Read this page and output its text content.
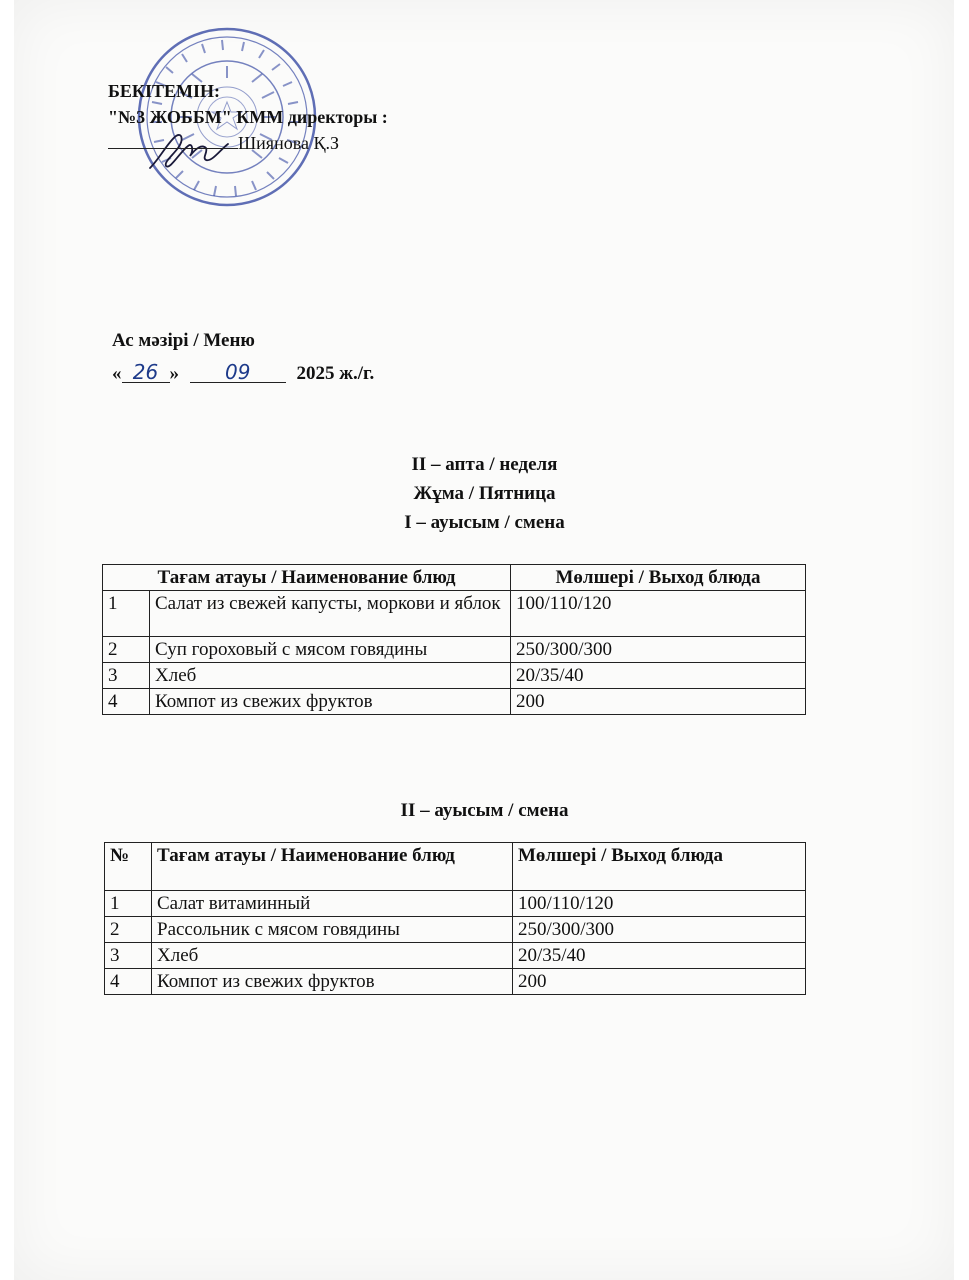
БЕКІТЕМІН:
"№3 ЖОББМ" КММ директоры :
Шиянова Қ.З
Ас мәзірі / Меню
« 26 » 09 2025 ж./г.
II – апта / неделя
Жұма / Пятница
I – ауысым / смена
Тағам атауы / Наименование блюд		Мөлшері / Выход блюда
1	Салат из свежей капусты, моркови и яблок	100/110/120
2	Суп гороховый с мясом говядины	250/300/300
3	Хлеб	20/35/40
4	Компот из свежих фруктов	200
II – ауысым / смена
№	Тағам атауы / Наименование блюд	Мөлшері / Выход блюда
1	Салат витаминный	100/110/120
2	Рассольник с мясом говядины	250/300/300
3	Хлеб	20/35/40
4	Компот из свежих фруктов	200
